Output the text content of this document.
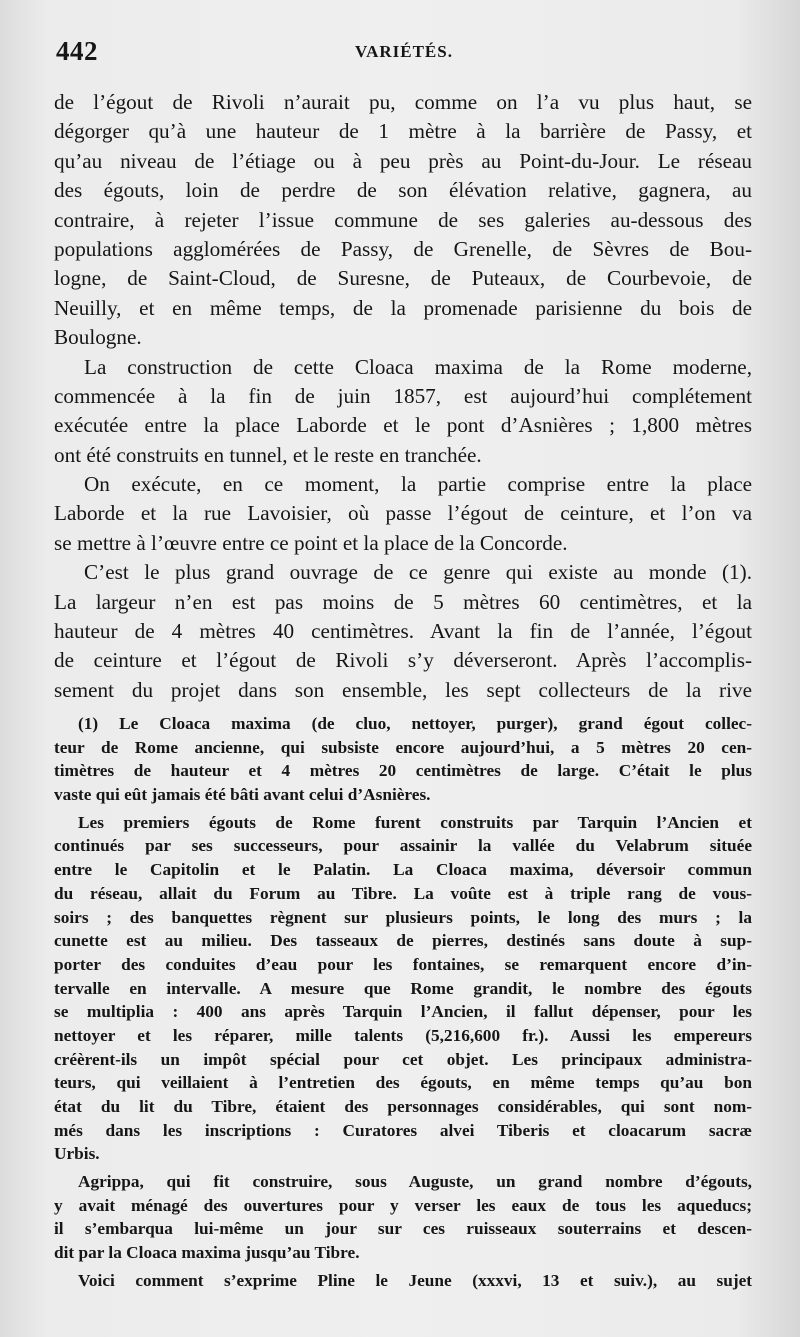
442	VARIÉTÉS.
de l’égout de Rivoli n’aurait pu, comme on l’a vu plus haut, se
dégorger qu’à une hauteur de 1 mètre à la barrière de Passy, et
qu’au niveau de l’étiage ou à peu près au Point-du-Jour. Le réseau
des égouts, loin de perdre de son élévation relative, gagnera, au
contraire, à rejeter l’issue commune de ses galeries au-dessous des
populations agglomérées de Passy, de Grenelle, de Sèvres de Bou-
logne, de Saint-Cloud, de Suresne, de Puteaux, de Courbevoie, de
Neuilly, et en même temps, de la promenade parisienne du bois de
Boulogne.
La construction de cette Cloaca maxima de la Rome moderne,
commencée à la fin de juin 1857, est aujourd’hui complétement
exécutée entre la place Laborde et le pont d’Asnières ; 1,800 mètres
ont été construits en tunnel, et le reste en tranchée.
On exécute, en ce moment, la partie comprise entre la place
Laborde et la rue Lavoisier, où passe l’égout de ceinture, et l’on va
se mettre à l’œuvre entre ce point et la place de la Concorde.
C’est le plus grand ouvrage de ce genre qui existe au monde (1).
La largeur n’en est pas moins de 5 mètres 60 centimètres, et la
hauteur de 4 mètres 40 centimètres. Avant la fin de l’année, l’égout
de ceinture et l’égout de Rivoli s’y déverseront. Après l’accomplis-
sement du projet dans son ensemble, les sept collecteurs de la rive
(1) Le Cloaca maxima (de cluo, nettoyer, purger), grand égout collec-
teur de Rome ancienne, qui subsiste encore aujourd’hui, a 5 mètres 20 cen-
timètres de hauteur et 4 mètres 20 centimètres de large. C’était le plus
vaste qui eût jamais été bâti avant celui d’Asnières.
Les premiers égouts de Rome furent construits par Tarquin l’Ancien et
continués par ses successeurs, pour assainir la vallée du Velabrum située
entre le Capitolin et le Palatin. La Cloaca maxima, déversoir commun
du réseau, allait du Forum au Tibre. La voûte est à triple rang de vous-
soirs ; des banquettes règnent sur plusieurs points, le long des murs ; la
cunette est au milieu. Des tasseaux de pierres, destinés sans doute à sup-
porter des conduites d’eau pour les fontaines, se remarquent encore d’in-
tervalle en intervalle. A mesure que Rome grandit, le nombre des égouts
se multiplia : 400 ans après Tarquin l’Ancien, il fallut dépenser, pour les
nettoyer et les réparer, mille talents (5,216,600 fr.). Aussi les empereurs
créèrent-ils un impôt spécial pour cet objet. Les principaux administra-
teurs, qui veillaient à l’entretien des égouts, en même temps qu’au bon
état du lit du Tibre, étaient des personnages considérables, qui sont nom-
més dans les inscriptions : Curatores alvei Tiberis et cloacarum sacræ
Urbis.
Agrippa, qui fit construire, sous Auguste, un grand nombre d’égouts,
y avait ménagé des ouvertures pour y verser les eaux de tous les aqueducs;
il s’embarqua lui-même un jour sur ces ruisseaux souterrains et descen-
dit par la Cloaca maxima jusqu’au Tibre.
Voici comment s’exprime Pline le Jeune (xxxvi, 13 et suiv.), au sujet
